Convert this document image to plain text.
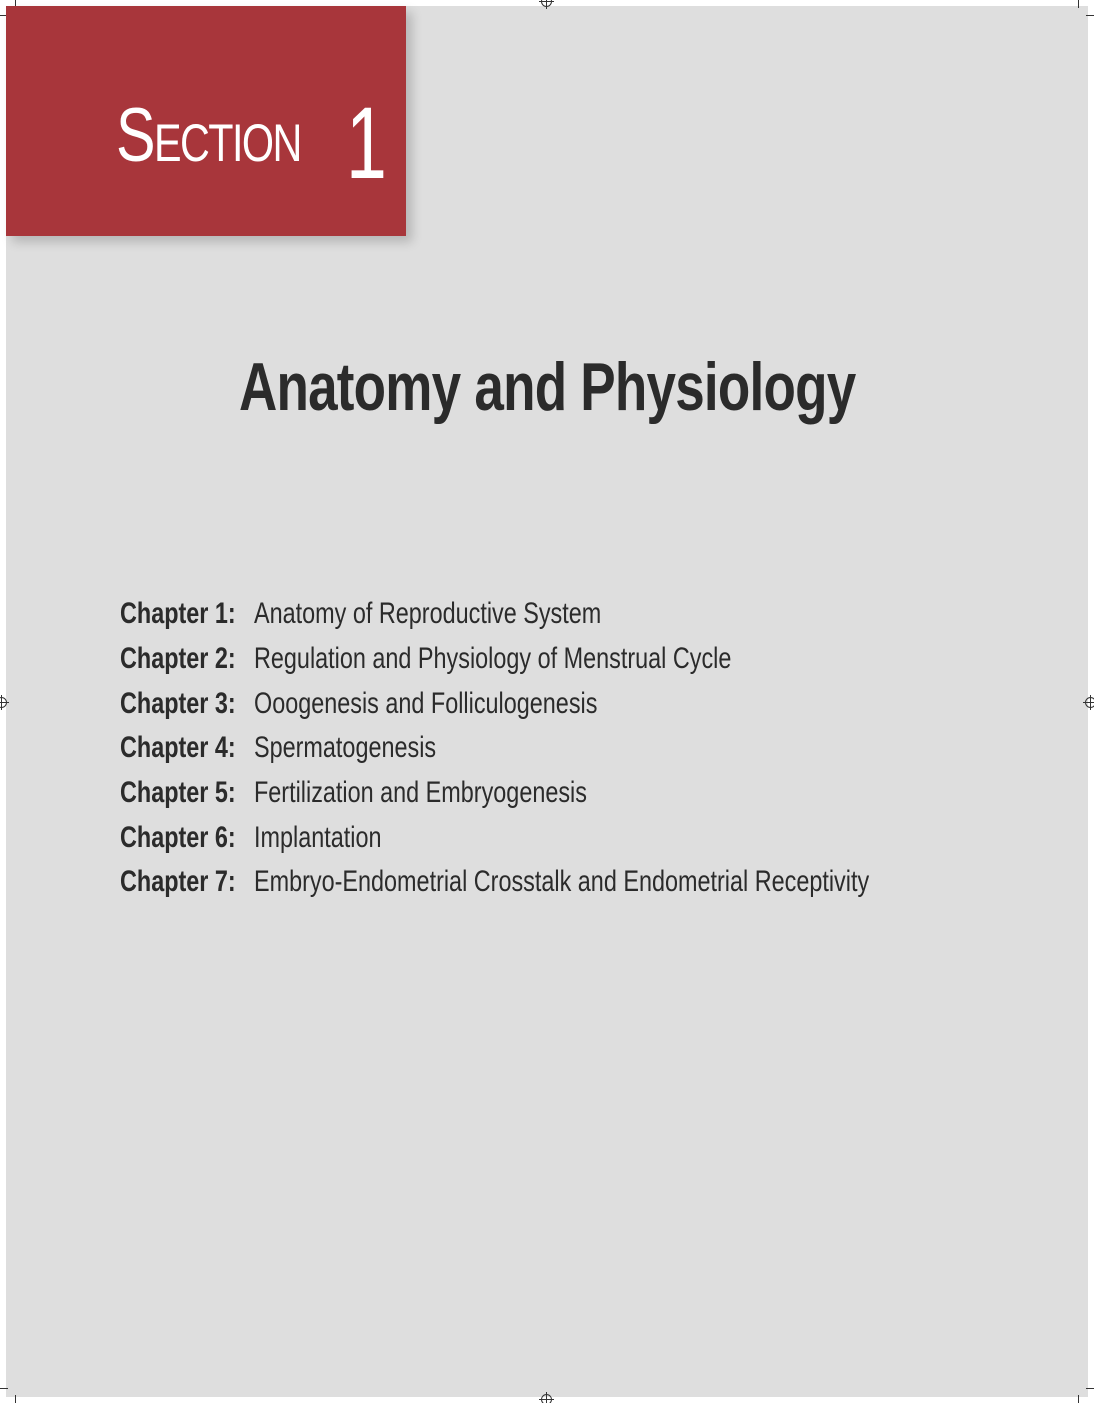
Section 1
Anatomy and Physiology
Chapter 1: Anatomy of Reproductive System
Chapter 2: Regulation and Physiology of Menstrual Cycle
Chapter 3: Ooogenesis and Folliculogenesis
Chapter 4: Spermatogenesis
Chapter 5: Fertilization and Embryogenesis
Chapter 6: Implantation
Chapter 7: Embryo-Endometrial Crosstalk and Endometrial Receptivity
